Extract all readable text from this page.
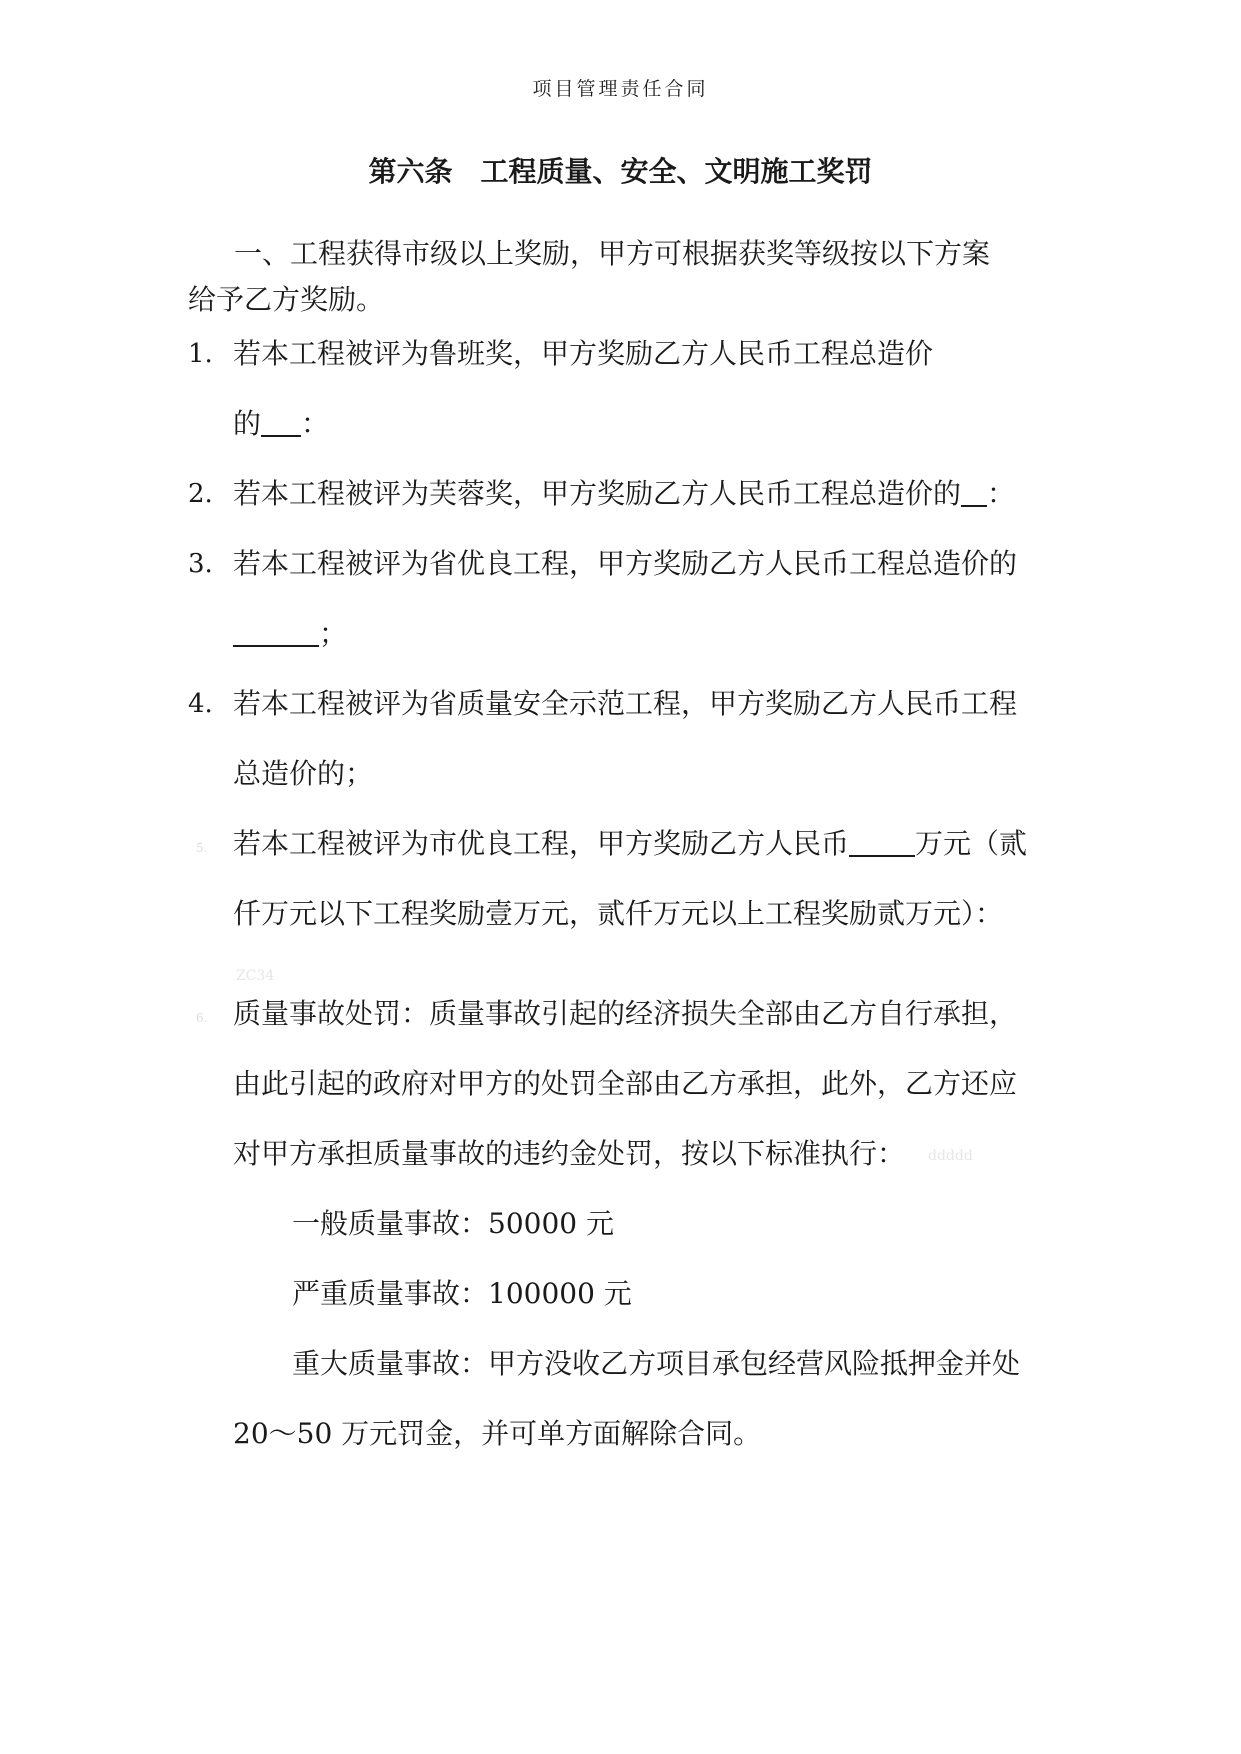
项目管理责任合同
第六条 工程质量、安全、文明施工奖罚
一、工程获得市级以上奖励，甲方可根据获奖等级按以下方案
给予乙方奖励。
1. 若本工程被评为鲁班奖，甲方奖励乙方人民币工程总造价
的 ：
2. 若本工程被评为芙蓉奖，甲方奖励乙方人民币工程总造价的 ：
3. 若本工程被评为省优良工程，甲方奖励乙方人民币工程总造价的
；
4. 若本工程被评为省质量安全示范工程，甲方奖励乙方人民币工程
总造价的；
5. 若本工程被评为市优良工程，甲方奖励乙方人民币 万元（贰
仟万元以下工程奖励壹万元，贰仟万元以上工程奖励贰万元）：
ZC34
6. 质量事故处罚：质量事故引起的经济损失全部由乙方自行承担，
由此引起的政府对甲方的处罚全部由乙方承担，此外，乙方还应
对甲方承担质量事故的违约金处罚，按以下标准执行： ddddd
一般质量事故：50000 元
严重质量事故：100000 元
重大质量事故：甲方没收乙方项目承包经营风险抵押金并处
20～50 万元罚金，并可单方面解除合同。
